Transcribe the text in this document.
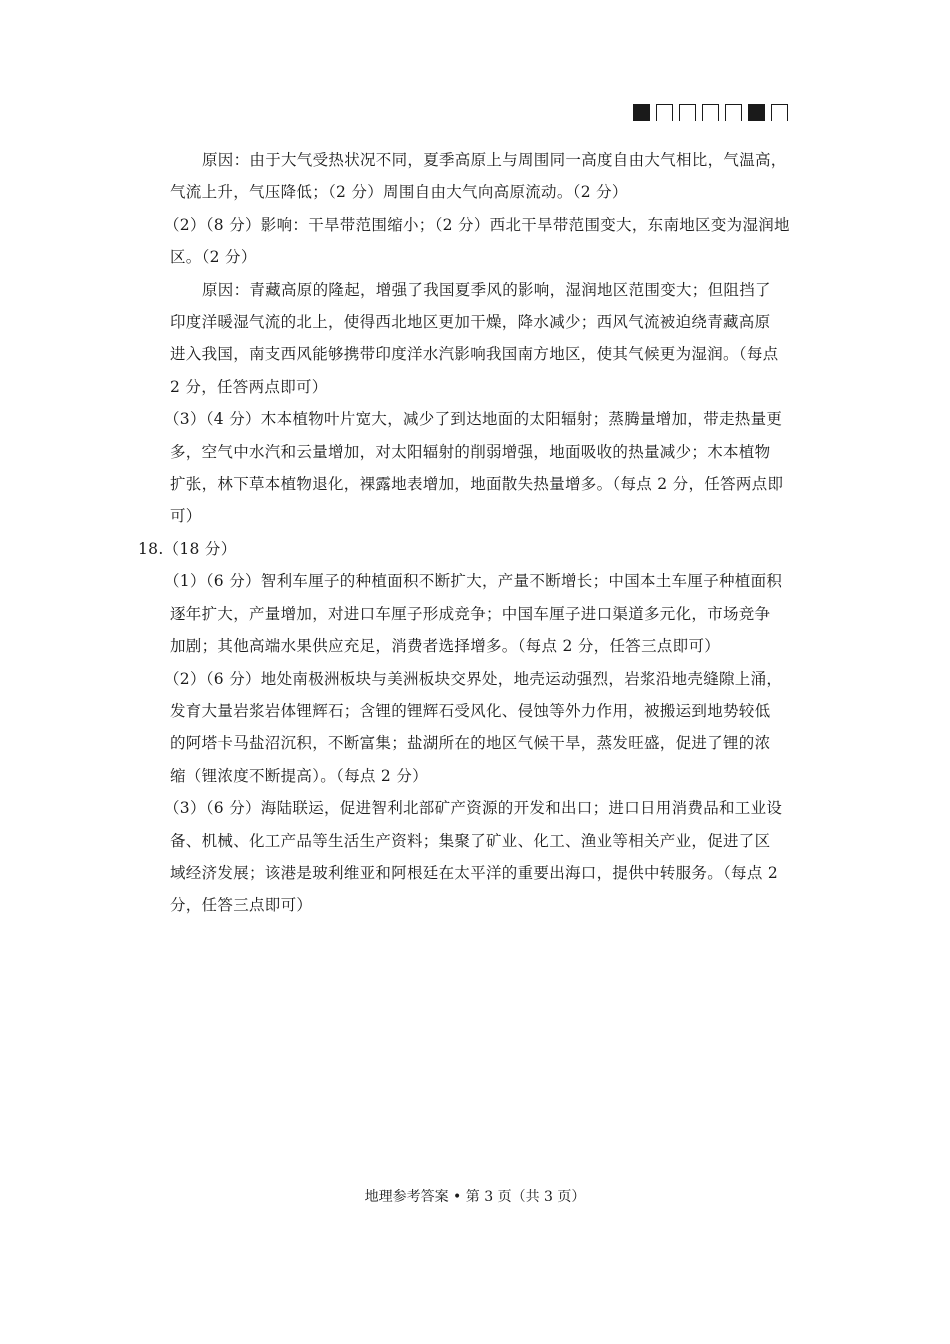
原因：由于大气受热状况不同，夏季高原上与周围同一高度自由大气相比，气温高，
气流上升，气压降低；（2 分）周围自由大气向高原流动。（2 分）
（2）（8 分）影响：干旱带范围缩小；（2 分）西北干旱带范围变大，东南地区变为湿润地
区。（2 分）
原因：青藏高原的隆起，增强了我国夏季风的影响，湿润地区范围变大；但阻挡了
印度洋暖湿气流的北上，使得西北地区更加干燥，降水减少；西风气流被迫绕青藏高原
进入我国，南支西风能够携带印度洋水汽影响我国南方地区，使其气候更为湿润。（每点
2 分，任答两点即可）
（3）（4 分）木本植物叶片宽大，减少了到达地面的太阳辐射；蒸腾量增加，带走热量更
多，空气中水汽和云量增加，对太阳辐射的削弱增强，地面吸收的热量减少；木本植物
扩张，林下草本植物退化，裸露地表增加，地面散失热量增多。（每点 2 分，任答两点即
可）
18.（18 分）
（1）（6 分）智利车厘子的种植面积不断扩大，产量不断增长；中国本土车厘子种植面积
逐年扩大，产量增加，对进口车厘子形成竞争；中国车厘子进口渠道多元化，市场竞争
加剧；其他高端水果供应充足，消费者选择增多。（每点 2 分，任答三点即可）
（2）（6 分）地处南极洲板块与美洲板块交界处，地壳运动强烈，岩浆沿地壳缝隙上涌，
发育大量岩浆岩体锂辉石；含锂的锂辉石受风化、侵蚀等外力作用，被搬运到地势较低
的阿塔卡马盐沼沉积，不断富集；盐湖所在的地区气候干旱，蒸发旺盛，促进了锂的浓
缩（锂浓度不断提高）。（每点 2 分）
（3）（6 分）海陆联运，促进智利北部矿产资源的开发和出口；进口日用消费品和工业设
备、机械、化工产品等生活生产资料；集聚了矿业、化工、渔业等相关产业，促进了区
域经济发展；该港是玻利维亚和阿根廷在太平洋的重要出海口，提供中转服务。（每点 2
分，任答三点即可）
地理参考答案 • 第 3 页（共 3 页）
